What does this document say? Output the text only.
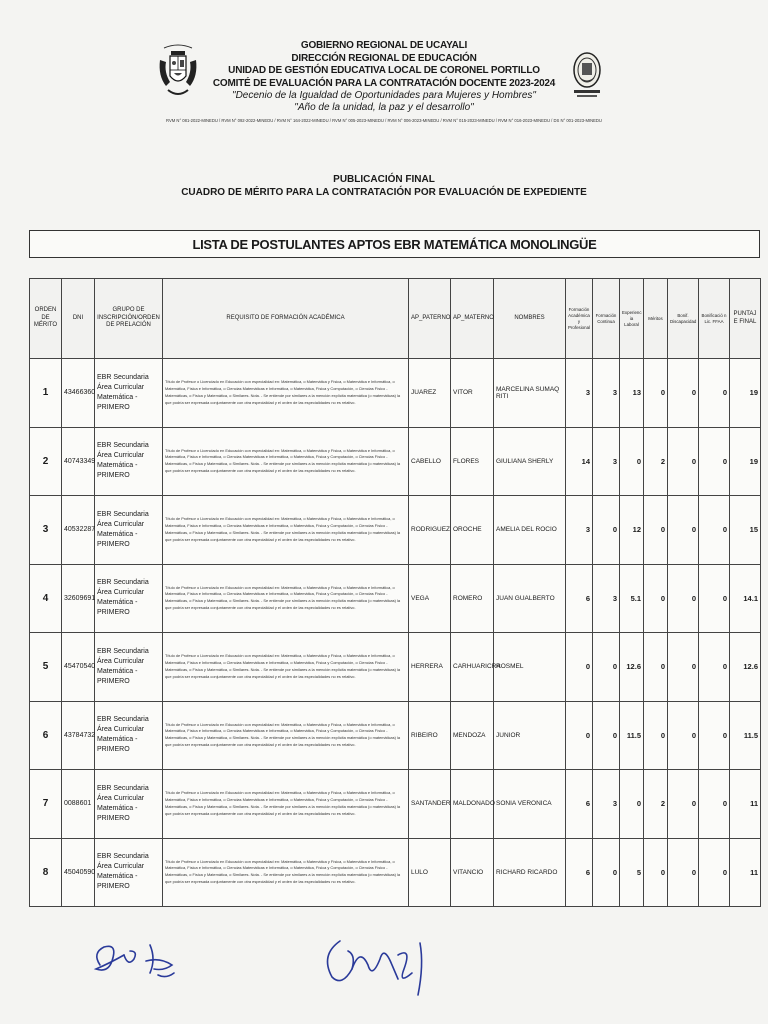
GOBIERNO REGIONAL DE UCAYALI
DIRECCIÓN REGIONAL DE EDUCACIÓN
UNIDAD DE GESTIÓN EDUCATIVA LOCAL DE CORONEL PORTILLO
COMITÉ DE EVALUACIÓN PARA LA CONTRATACIÓN DOCENTE 2023-2024
"Decenio de la Igualdad de Oportunidades para Mujeres y Hombres"
"Año de la unidad, la paz y el desarrollo"
RVM N° 081-2022-MINEDU / RVM N° 092-2022-MINEDU / RVM N° 164-2022-MINEDU / RVM N° 005-2023-MINEDU / RVM N° 006-2023-MINEDU / RVM N° 015-2023-MINEDU / RVM N° 016-2023-MINEDU / DS N° 001-2023-MINEDU
PUBLICACIÓN FINAL
CUADRO DE MÉRITO PARA LA CONTRATACIÓN POR EVALUACIÓN DE EXPEDIENTE
LISTA DE POSTULANTES APTOS EBR MATEMÁTICA MONOLINGÜE
ORDEN DE MÉRITO	DNI	GRUPO DE INSCRIPCIÓN/ORDEN DE PRELACIÓN	REQUISITO DE FORMACIÓN ACADÉMICA	AP_PATERNO	AP_MATERNO	NOMBRES	Formación Académica y Profesional	Formación Continua	Experienc ia Laboral	Méritos	Bonif. Discapacidad	Bonificació n Lic. FFAA	PUNTAJ E FINAL
1	43466360	EBR Secundaria Área Curricular Matemática - PRIMERO	Título de Profesor o Licenciado en Educación con especialidad en: Matemática, o Matemática y Física, o Matemática e Informática, o Matemática, Física e Informática, o Ciencias Matemáticas e Informática, o Matemática, Física y Computación, o Ciencias Físico - Matemáticas, o Física y Matemática, o Similares. Nota. - Se entiende por similares a la mención explícita matemática (o matemáticas) la que podría ser expresada conjuntamente con otra especialidad y el orden de las especialidades no es relativo.	JUAREZ	VITOR	MARCELINA SUMAQ RITI	3	3	13	0	0	0	19
2	40743349	EBR Secundaria Área Curricular Matemática - PRIMERO	Título de Profesor o Licenciado en Educación con especialidad en: Matemática, o Matemática y Física, o Matemática e Informática, o Matemática, Física e Informática, o Ciencias Matemáticas e Informática, o Matemática, Física y Computación, o Ciencias Físico - Matemáticas, o Física y Matemática, o Similares. Nota. - Se entiende por similares a la mención explícita matemática (o matemáticas) la que podría ser expresada conjuntamente con otra especialidad y el orden de las especialidades no es relativo.	CABELLO	FLORES	GIULIANA SHERLY	14	3	0	2	0	0	19
3	40532287	EBR Secundaria Área Curricular Matemática - PRIMERO	Título de Profesor o Licenciado en Educación con especialidad en: Matemática, o Matemática y Física, o Matemática e Informática, o Matemática, Física e Informática, o Ciencias Matemáticas e Informática, o Matemática, Física y Computación, o Ciencias Físico - Matemáticas, o Física y Matemática, o Similares. Nota. - Se entiende por similares a la mención explícita matemática (o matemáticas) la que podría ser expresada conjuntamente con otra especialidad y el orden de las especialidades no es relativo.	RODRIGUEZ	OROCHE	AMELIA DEL ROCIO	3	0	12	0	0	0	15
4	32609691	EBR Secundaria Área Curricular Matemática - PRIMERO	Título de Profesor o Licenciado en Educación con especialidad en: Matemática, o Matemática y Física, o Matemática e Informática, o Matemática, Física e Informática, o Ciencias Matemáticas e Informática, o Matemática, Física y Computación, o Ciencias Físico - Matemáticas, o Física y Matemática, o Similares. Nota. - Se entiende por similares a la mención explícita matemática (o matemáticas) la que podría ser expresada conjuntamente con otra especialidad y el orden de las especialidades no es relativo.	VEGA	ROMERO	JUAN GUALBERTO	6	3	5.1	0	0	0	14.1
5	45470540	EBR Secundaria Área Curricular Matemática - PRIMERO	Título de Profesor o Licenciado en Educación con especialidad en: Matemática, o Matemática y Física, o Matemática e Informática, o Matemática, Física e Informática, o Ciencias Matemáticas e Informática, o Matemática, Física y Computación, o Ciencias Físico - Matemáticas, o Física y Matemática, o Similares. Nota. - Se entiende por similares a la mención explícita matemática (o matemáticas) la que podría ser expresada conjuntamente con otra especialidad y el orden de las especialidades no es relativo.	HERRERA	CARHUARICRA	ROSMEL	0	0	12.6	0	0	0	12.6
6	43784732	EBR Secundaria Área Curricular Matemática - PRIMERO	Título de Profesor o Licenciado en Educación con especialidad en: Matemática, o Matemática y Física, o Matemática e Informática, o Matemática, Física e Informática, o Ciencias Matemáticas e Informática, o Matemática, Física y Computación, o Ciencias Físico - Matemáticas, o Física y Matemática, o Similares. Nota. - Se entiende por similares a la mención explícita matemática (o matemáticas) la que podría ser expresada conjuntamente con otra especialidad y el orden de las especialidades no es relativo.	RIBEIRO	MENDOZA	JUNIOR	0	0	11.5	0	0	0	11.5
7	0088601	EBR Secundaria Área Curricular Matemática - PRIMERO	Título de Profesor o Licenciado en Educación con especialidad en: Matemática, o Matemática y Física, o Matemática e Informática, o Matemática, Física e Informática, o Ciencias Matemáticas e Informática, o Matemática, Física y Computación, o Ciencias Físico - Matemáticas, o Física y Matemática, o Similares. Nota. - Se entiende por similares a la mención explícita matemática (o matemáticas) la que podría ser expresada conjuntamente con otra especialidad y el orden de las especialidades no es relativo.	SANTANDER	MALDONADO	SONIA VERONICA	6	3	0	2	0	0	11
8	45040590	EBR Secundaria Área Curricular Matemática - PRIMERO	Título de Profesor o Licenciado en Educación con especialidad en: Matemática, o Matemática y Física, o Matemática e Informática, o Matemática, Física e Informática, o Ciencias Matemáticas e Informática, o Matemática, Física y Computación, o Ciencias Físico - Matemáticas, o Física y Matemática, o Similares. Nota. - Se entiende por similares a la mención explícita matemática (o matemáticas) la que podría ser expresada conjuntamente con otra especialidad y el orden de las especialidades no es relativo.	LULO	VITANCIO	RICHARD RICARDO	6	0	5	0	0	0	11
